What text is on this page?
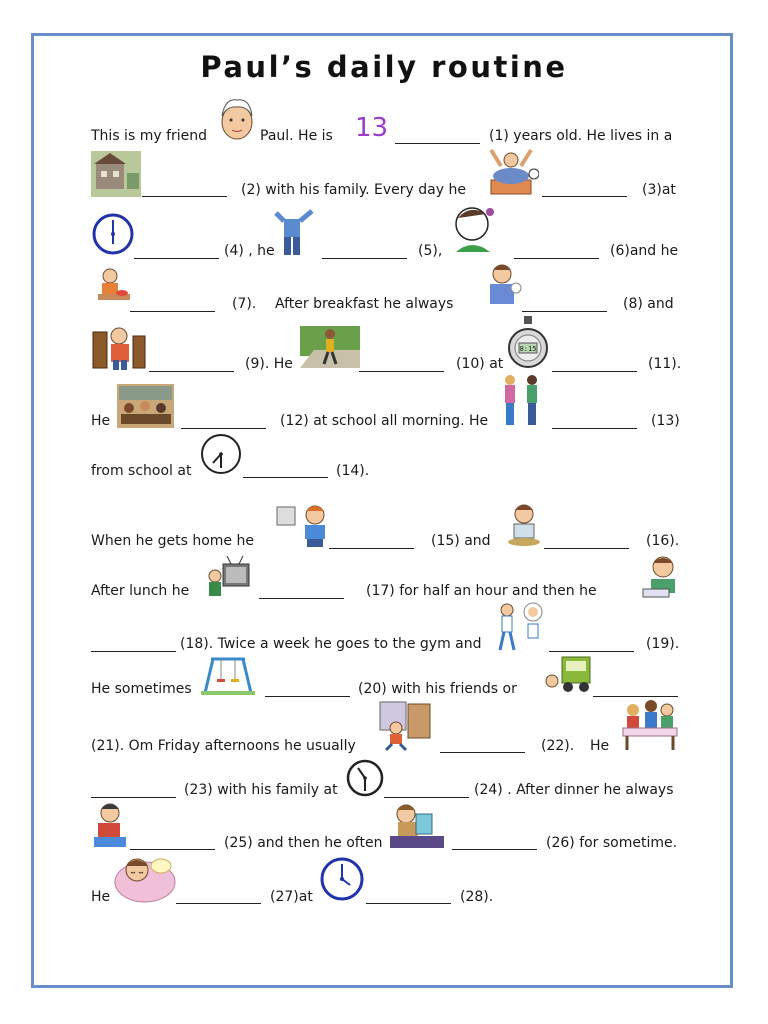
Paul’s daily routine
This is my friend	Paul. He is 13	(1) years old. He lives in a
(2) with his family. Every day he	(3)at
(4) , he	(5),	(6)and he
(7). After breakfast he always	(8) and
(9). He	(10) at
8:15
(11).
He	(12) at school all morning. He	(13)
from school at	(14).
When he gets home he	(15) and	(16).
After lunch he	(17) for half an hour and then he
(18). Twice a week he goes to the gym and	(19).
He sometimes	(20) with his friends or
(21). Om Friday afternoons he usually	(22). He
(23) with his family at	(24) . After dinner he always
(25) and then he often	(26) for sometime.
He	(27)at	(28).
